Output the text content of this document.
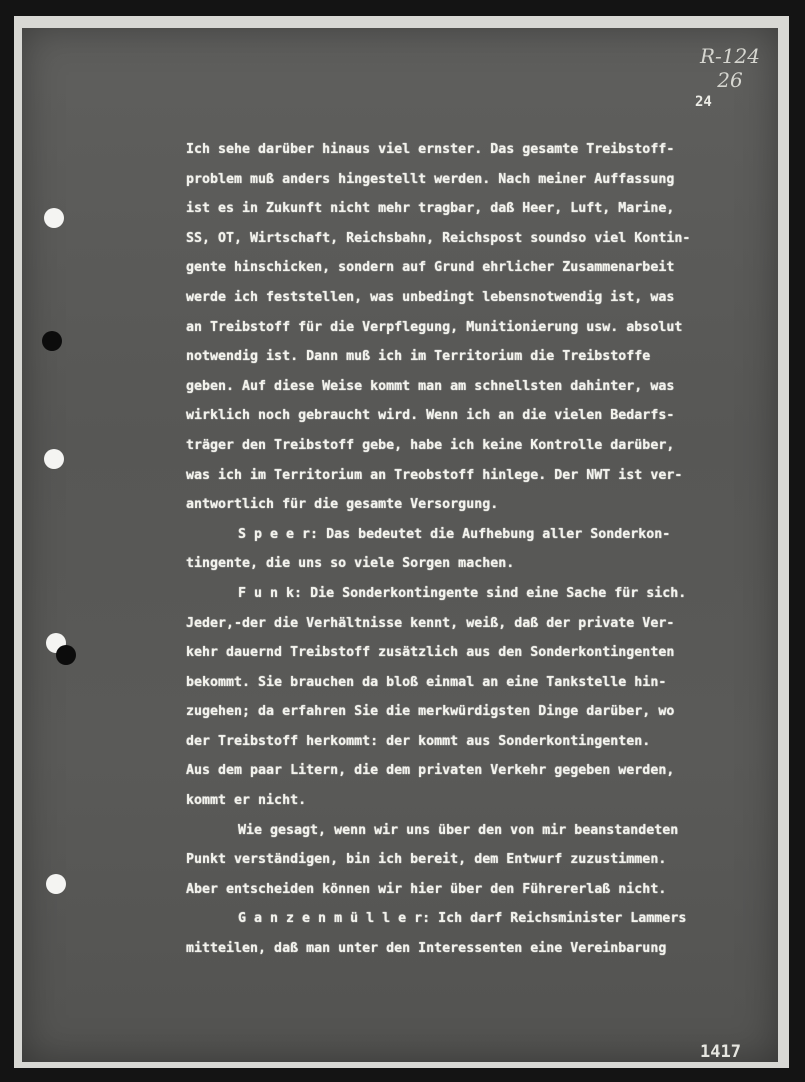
R-124
26
24

Ich sehe darüber hinaus viel ernster. Das gesamte Treibstoff-
problem muß anders hingestellt werden. Nach meiner Auffassung
ist es in Zukunft nicht mehr tragbar, daß Heer, Luft, Marine,
SS, OT, Wirtschaft, Reichsbahn, Reichspost soundso viel Kontin-
gente hinschicken, sondern auf Grund ehrlicher Zusammenarbeit
werde ich feststellen, was unbedingt lebensnotwendig ist, was
an Treibstoff für die Verpflegung, Munitionierung usw. absolut
notwendig ist. Dann muß ich im Territorium die Treibstoffe
geben. Auf diese Weise kommt man am schnellsten dahinter, was
wirklich noch gebraucht wird. Wenn ich an die vielen Bedarfs-
träger den Treibstoff gebe, habe ich keine Kontrolle darüber,
was ich im Territorium an Treobstoff hinlege. Der NWT ist ver-
antwortlich für die gesamte Versorgung.

S p e e r: Das bedeutet die Aufhebung aller Sonderkon-
tingente, die uns so viele Sorgen machen.

F u n k: Die Sonderkontingente sind eine Sache für sich.
Jeder,-der die Verhältnisse kennt, weiß, daß der private Ver-
kehr dauernd Treibstoff zusätzlich aus den Sonderkontingenten
bekommt. Sie brauchen da bloß einmal an eine Tankstelle hin-
zugehen; da erfahren Sie die merkwürdigsten Dinge darüber, wo
der Treibstoff herkommt: der kommt aus Sonderkontingenten.
Aus dem paar Litern, die dem privaten Verkehr gegeben werden,
kommt er nicht.

Wie gesagt, wenn wir uns über den von mir beanstandeten
Punkt verständigen, bin ich bereit, dem Entwurf zuzustimmen.
Aber entscheiden können wir hier über den Führererlaß nicht.

G a n z e n m ü l l e r: Ich darf Reichsminister Lammers
mitteilen, daß man unter den Interessenten eine Vereinbarung

1417
